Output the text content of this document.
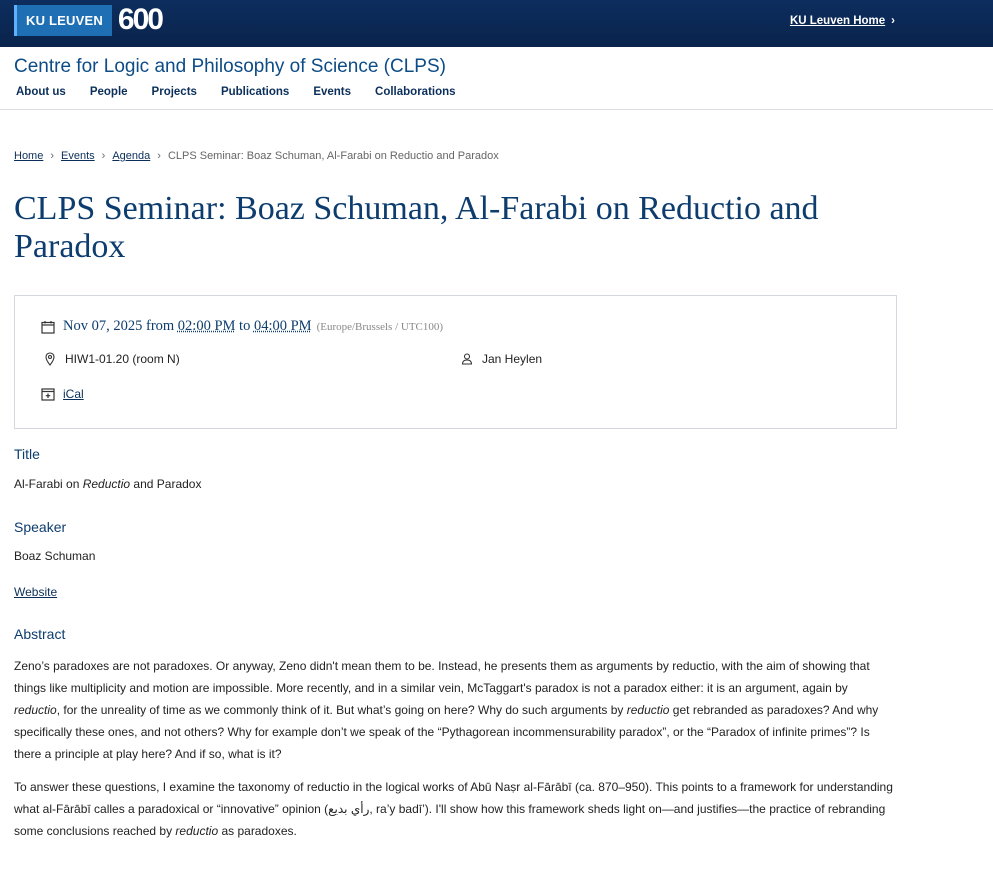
KU LEUVEN 600	KU Leuven Home ›
Centre for Logic and Philosophy of Science (CLPS)
About us People Projects Publications Events Collaborations
Home › Events › Agenda › CLPS Seminar: Boaz Schuman, Al-Farabi on Reductio and Paradox
CLPS Seminar: Boaz Schuman, Al-Farabi on Reductio and Paradox
Nov 07, 2025
from
02:00 PM
to
04:00 PM (Europe/Brussels / UTC100)
HIW1-01.20 (room N)	Jan Heylen
iCal
Title
Al-Farabi on Reductio and Paradox
Speaker
Boaz Schuman
Website
Abstract

Zeno’s paradoxes are not paradoxes. Or anyway, Zeno didn't mean them to be. Instead, he presents them as arguments by reductio, with the aim of showing that things like multiplicity and motion are impossible. More recently, and in a similar vein, McTaggart's paradox is not a paradox either: it is an argument, again by reductio, for the unreality of time as we commonly think of it. But what’s going on here? Why do such arguments by reductio get rebranded as paradoxes? And why specifically these ones, and not others? Why for example don’t we speak of the “Pythagorean incommensurability paradox”, or the “Paradox of infinite primes”? Is there a principle at play here? And if so, what is it?

To answer these questions, I examine the taxonomy of reductio in the logical works of Abū Naṣr al-Fārābī (ca. 870–950). This points to a framework for understanding what al-Fārābī calles a paradoxical or “innovative” opinion (رأي بديع, ra’y badī’). I'll show how this framework sheds light on—and justifies—the practice of rebranding some conclusions reached by reductio as paradoxes.
